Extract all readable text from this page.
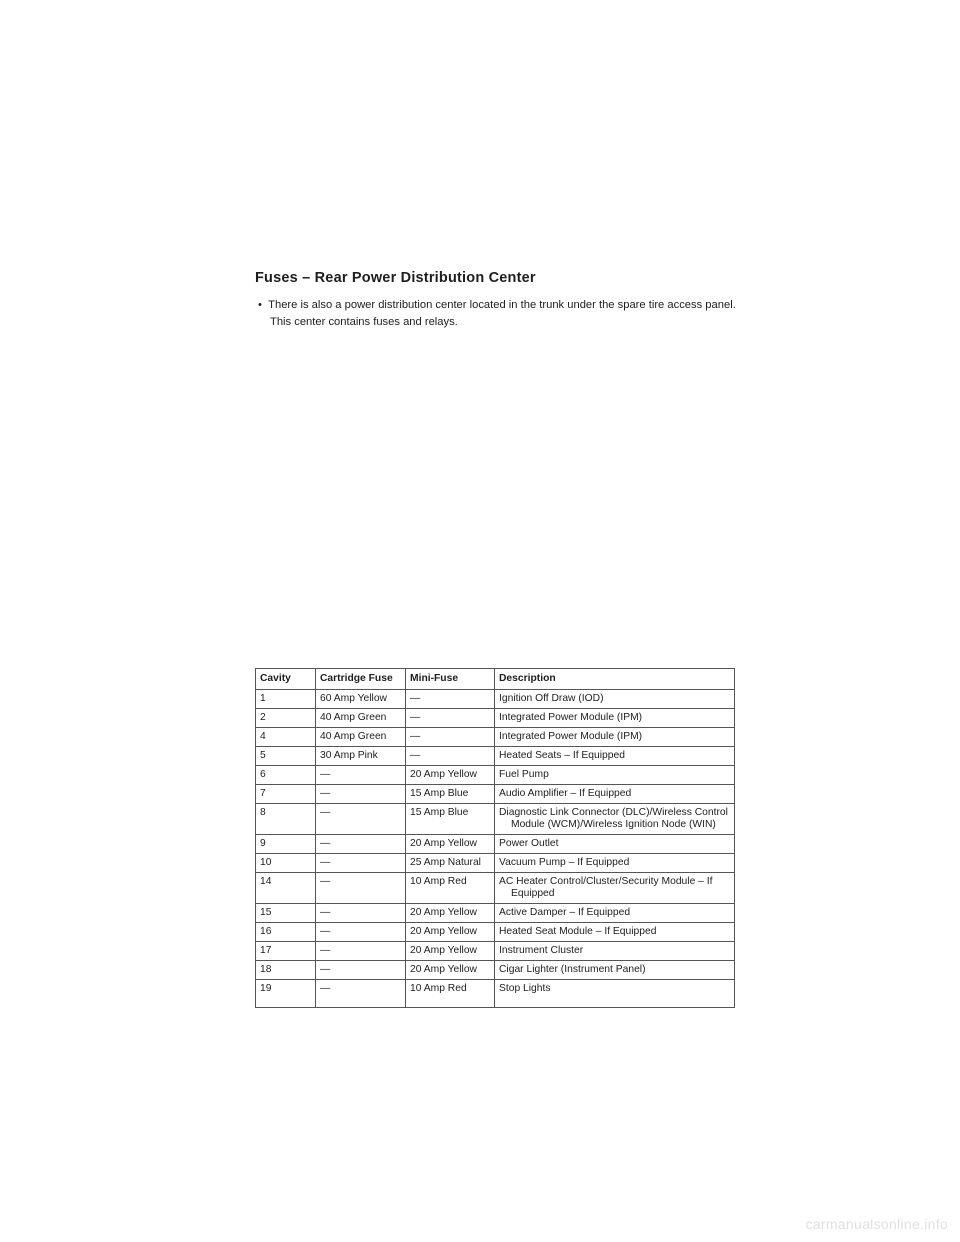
Fuses – Rear Power Distribution Center
•  There is also a power distribution center located in the trunk under the spare tire access panel. This center contains fuses and relays.
Cavity	Cartridge Fuse	Mini-Fuse	Description
1	60 Amp Yellow	—	Ignition Off Draw (IOD)

2	40 Amp Green	—	Integrated Power Module (IPM)

4	40 Amp Green	—	Integrated Power Module (IPM)

5	30 Amp Pink	—	Heated Seats – If Equipped

6	—	20 Amp Yellow	Fuel Pump

7	—	15 Amp Blue	Audio Amplifier – If Equipped

8	—	15 Amp Blue	Diagnostic Link Connector (DLC)/Wireless Control Module (WCM)/Wireless Ignition Node (WIN)

9	—	20 Amp Yellow	Power Outlet

10	—	25 Amp Natural	Vacuum Pump – If Equipped

14	—	10 Amp Red	AC Heater Control/Cluster/Security Module – If Equipped

15	—	20 Amp Yellow	Active Damper – If Equipped

16	—	20 Amp Yellow	Heated Seat Module – If Equipped

17	—	20 Amp Yellow	Instrument Cluster

18	—	20 Amp Yellow	Cigar Lighter (Instrument Panel)

19	—	10 Amp Red	Stop Lights
carmanualsonline.info
